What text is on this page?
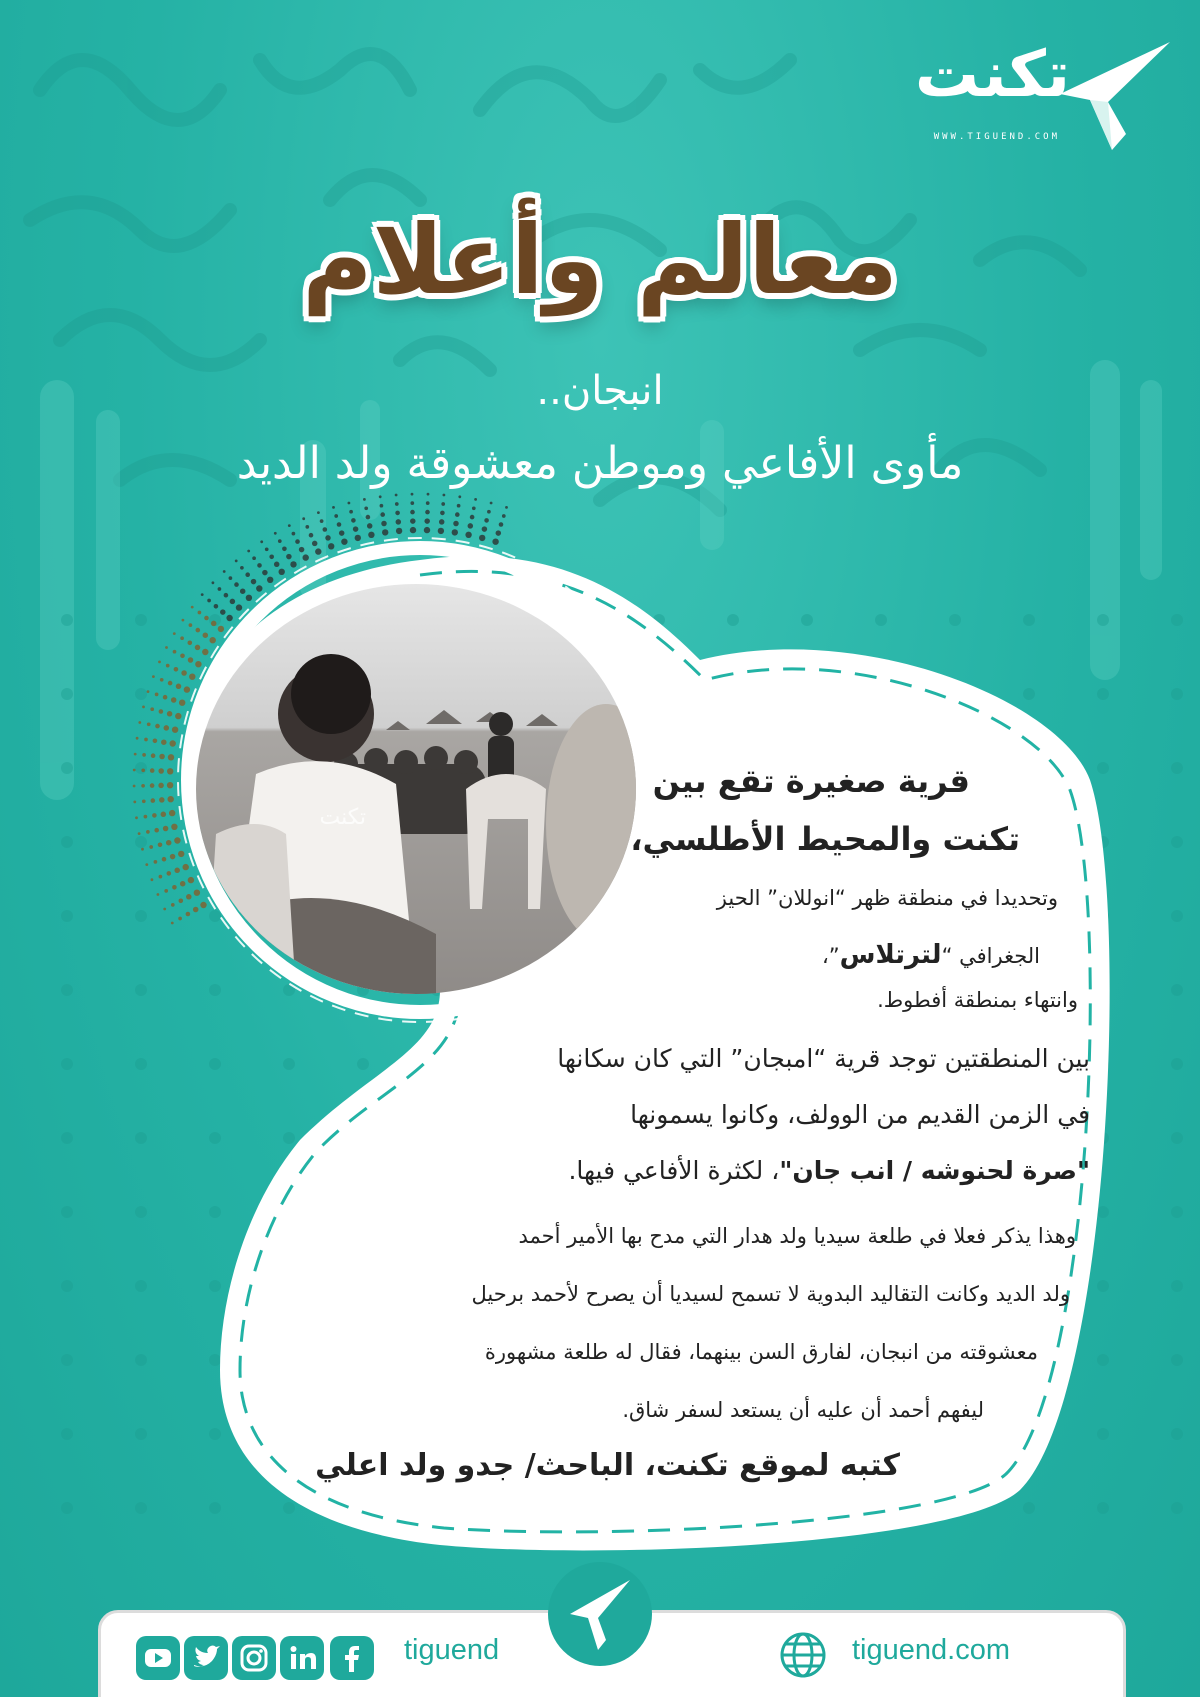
تكنت
WWW.TIGUEND.COM
معالم وأعلام
انبجان..
مأوى الأفاعي وموطن معشوقة ولد الديد
تكنت
قرية صغيرة تقع بين
تكنت والمحيط الأطلسي،
وتحديدا في منطقة ظهر “انوللان” الحيز
الجغرافي “لترتلاس”،
وانتهاء بمنطقة أفطوط.
بين المنطقتين توجد قرية “امبجان” التي كان سكانها
في الزمن القديم من الوولف، وكانوا يسمونها
"صرة لحنوشه / انب جان"، لكثرة الأفاعي فيها.
وهذا يذكر فعلا في طلعة سيديا ولد هدار التي مدح بها الأمير أحمد
ولد الديد وكانت التقاليد البدوية لا تسمح لسيديا أن يصرح لأحمد برحيل
معشوقته من انبجان، لفارق السن بينهما، فقال له طلعة مشهورة
ليفهم أحمد أن عليه أن يستعد لسفر شاق.
كتبه لموقع تكنت، الباحث/ جدو ولد اعلي
tiguend	tiguend.com
